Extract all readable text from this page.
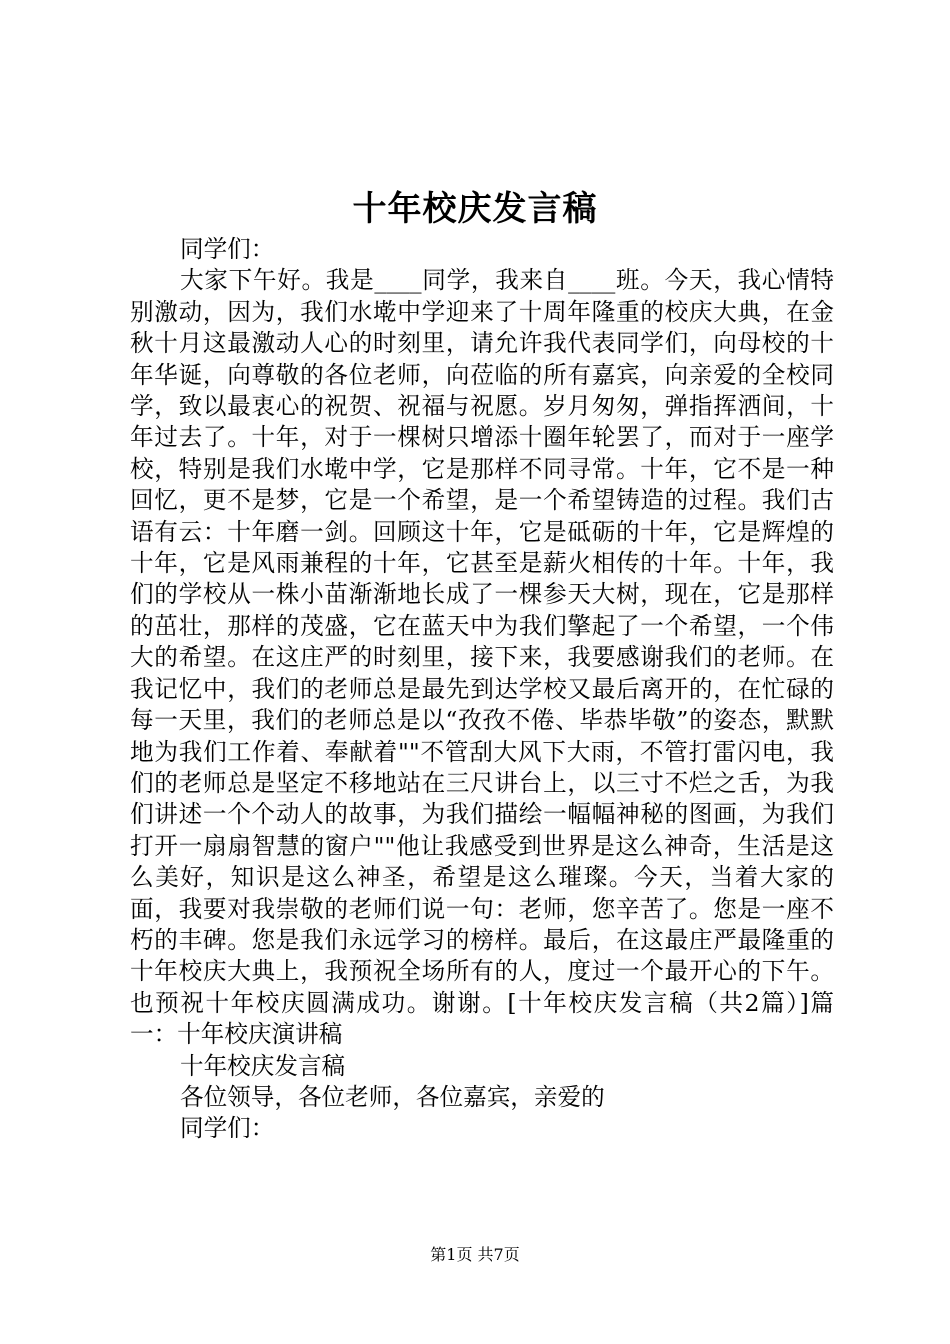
十年校庆发言稿

同学们：

大家下午好。我是____同学，我来自____班。今天，我心情特别激动，因为，我们水墘中学迎来了十周年隆重的校庆大典，在金秋十月这最激动人心的时刻里，请允许我代表同学们，向母校的十年华诞，向尊敬的各位老师，向莅临的所有嘉宾，向亲爱的全校同学，致以最衷心的祝贺、祝福与祝愿。岁月匆匆，弹指挥洒间，十年过去了。十年，对于一棵树只增添十圈年轮罢了，而对于一座学校，特别是我们水墘中学，它是那样不同寻常。十年，它不是一种回忆，更不是梦，它是一个希望，是一个希望铸造的过程。我们古语有云：十年磨一剑。回顾这十年，它是砥砺的十年，它是辉煌的十年，它是风雨兼程的十年，它甚至是薪火相传的十年。十年，我们的学校从一株小苗渐渐地长成了一棵参天大树，现在，它是那样的茁壮，那样的茂盛，它在蓝天中为我们擎起了一个希望，一个伟大的希望。在这庄严的时刻里，接下来，我要感谢我们的老师。在我记忆中，我们的老师总是最先到达学校又最后离开的，在忙碌的每一天里，我们的老师总是以“孜孜不倦、毕恭毕敬”的姿态，默默地为我们工作着、奉献着""不管刮大风下大雨，不管打雷闪电，我们的老师总是坚定不移地站在三尺讲台上，以三寸不烂之舌，为我们讲述一个个动人的故事，为我们描绘一幅幅神秘的图画，为我们打开一扇扇智慧的窗户""他让我感受到世界是这么神奇，生活是这么美好，知识是这么神圣，希望是这么璀璨。今天，当着大家的面，我要对我崇敬的老师们说一句：老师，您辛苦了。您是一座不朽的丰碑。您是我们永远学习的榜样。最后，在这最庄严最隆重的十年校庆大典上，我预祝全场所有的人，度过一个最开心的下午。也预祝十年校庆圆满成功。谢谢。[十年校庆发言稿（共2篇）]篇一：十年校庆演讲稿

十年校庆发言稿

各位领导，各位老师，各位嘉宾，亲爱的

同学们：

第1页 共7页
